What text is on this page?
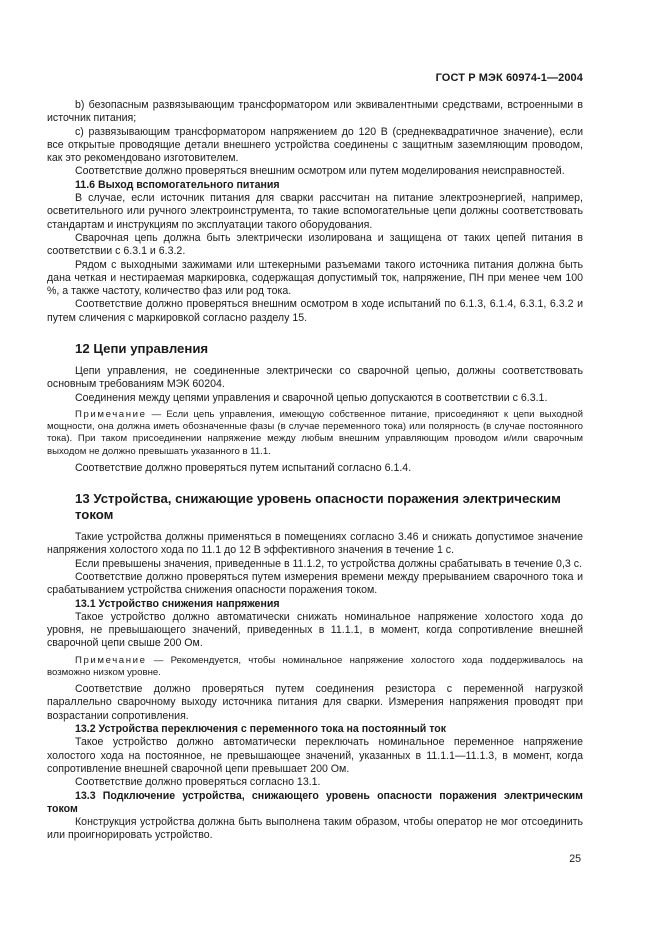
ГОСТ Р МЭК 60974-1—2004

b) безопасным развязывающим трансформатором или эквивалентными средствами, встроенными в источник питания;

c) развязывающим трансформатором напряжением до 120 В (среднеквадратичное значение), если все открытые проводящие детали внешнего устройства соединены с защитным заземляющим проводом, как это рекомендовано изготовителем.

Соответствие должно проверяться внешним осмотром или путем моделирования неисправностей.

11.6 Выход вспомогательного питания

В случае, если источник питания для сварки рассчитан на питание электроэнергией, например, осветительного или ручного электроинструмента, то такие вспомогательные цепи должны соответствовать стандартам и инструкциям по эксплуатации такого оборудования.

Сварочная цепь должна быть электрически изолирована и защищена от таких цепей питания в соответствии с 6.3.1 и 6.3.2.

Рядом с выходными зажимами или штекерными разъемами такого источника питания должна быть дана четкая и нестираемая маркировка, содержащая допустимый ток, напряжение, ПН при менее чем 100 %, а также частоту, количество фаз или род тока.

Соответствие должно проверяться внешним осмотром в ходе испытаний по 6.1.3, 6.1.4, 6.3.1, 6.3.2 и путем сличения с маркировкой согласно разделу 15.

12 Цепи управления

Цепи управления, не соединенные электрически со сварочной цепью, должны соответствовать основным требованиям МЭК 60204.

Соединения между цепями управления и сварочной цепью допускаются в соответствии с 6.3.1.

Примечание — Если цепь управления, имеющую собственное питание, присоединяют к цепи выходной мощности, она должна иметь обозначенные фазы (в случае переменного тока) или полярность (в случае постоянного тока). При таком присоединении напряжение между любым внешним управляющим проводом и/или сварочным выходом не должно превышать указанного в 11.1.

Соответствие должно проверяться путем испытаний согласно 6.1.4.

13 Устройства, снижающие уровень опасности поражения электрическим током

Такие устройства должны применяться в помещениях согласно 3.46 и снижать допустимое значение напряжения холостого хода по 11.1 до 12 В эффективного значения в течение 1 с.

Если превышены значения, приведенные в 11.1.2, то устройства должны срабатывать в течение 0,3 с.

Соответствие должно проверяться путем измерения времени между прерыванием сварочного тока и срабатыванием устройства снижения опасности поражения током.

13.1 Устройство снижения напряжения

Такое устройство должно автоматически снижать номинальное напряжение холостого хода до уровня, не превышающего значений, приведенных в 11.1.1, в момент, когда сопротивление внешней сварочной цепи свыше 200 Ом.

Примечание — Рекомендуется, чтобы номинальное напряжение холостого хода поддерживалось на возможно низком уровне.

Соответствие должно проверяться путем соединения резистора с переменной нагрузкой параллельно сварочному выходу источника питания для сварки. Измерения напряжения проводят при возрастании сопротивления.

13.2 Устройства переключения с переменного тока на постоянный ток

Такое устройство должно автоматически переключать номинальное переменное напряжение холостого хода на постоянное, не превышающее значений, указанных в 11.1.1—11.1.3, в момент, когда сопротивление внешней сварочной цепи превышает 200 Ом.

Соответствие должно проверяться согласно 13.1.

13.3 Подключение устройства, снижающего уровень опасности поражения электрическим током

Конструкция устройства должна быть выполнена таким образом, чтобы оператор не мог отсоединить или проигнорировать устройство.

25
